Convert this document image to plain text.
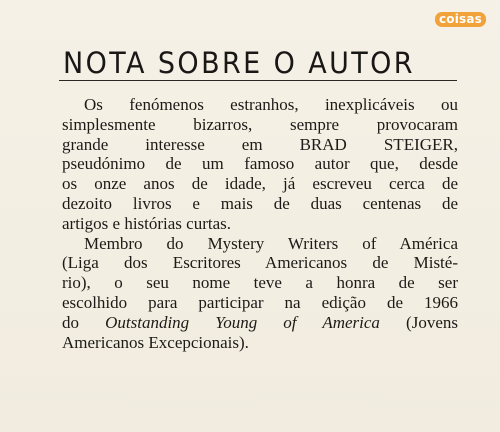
coisas
NOTA SOBRE O AUTOR
Os fenómenos estranhos, inexplicáveis ou
simplesmente bizarros, sempre provocaram
grande interesse em BRAD STEIGER,
pseudónimo de um famoso autor que, desde
os onze anos de idade, já escreveu cerca de
dezoito livros e mais de duas centenas de
artigos e histórias curtas.
Membro do Mystery Writers of América
(Liga dos Escritores Americanos de Misté-
rio), o seu nome teve a honra de ser
escolhido para participar na edição de 1966
do Outstanding Young of America (Jovens
Americanos Excepcionais).
